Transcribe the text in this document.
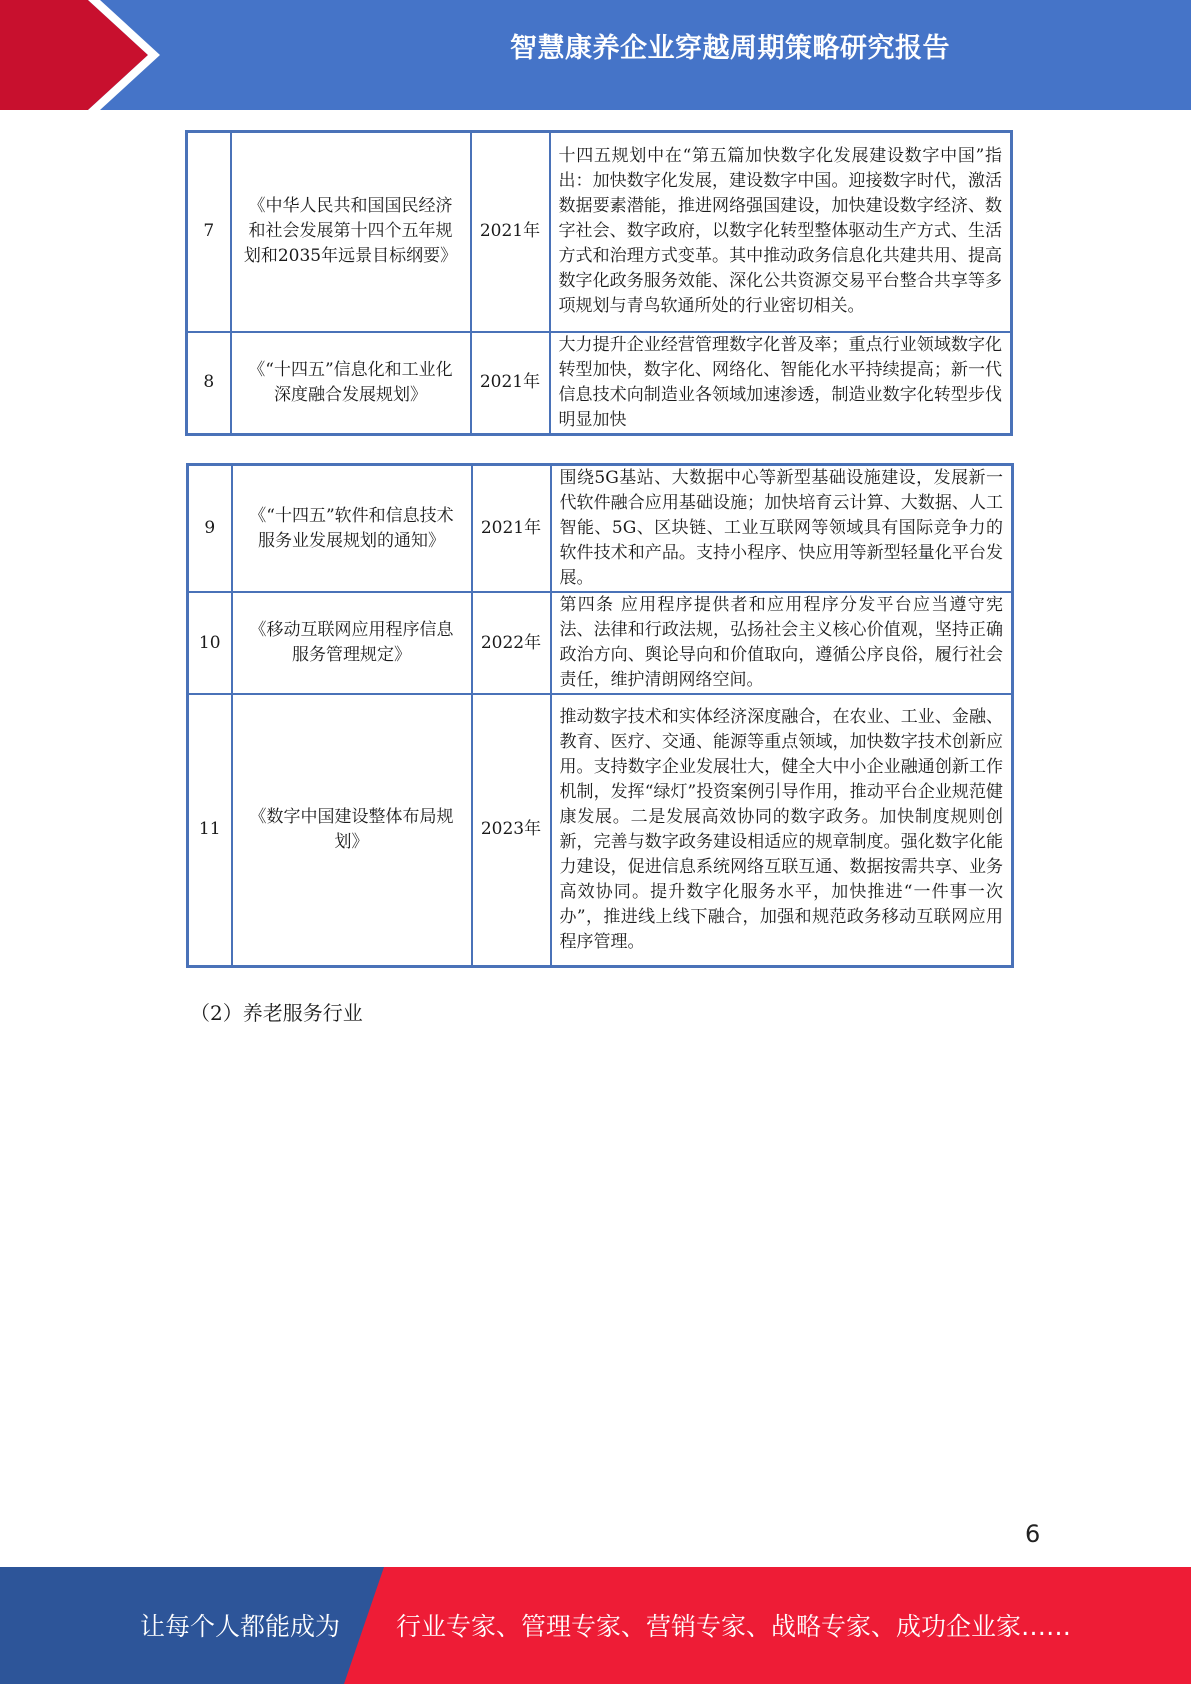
智慧康养企业穿越周期策略研究报告
7	《中华人民共和国国民经济和社会发展第十四个五年规划和2035年远景目标纲要》	2021年	十四五规划中在“第五篇加快数字化发展建设数字中国”指出：加快数字化发展，建设数字中国。迎接数字时代，激活数据要素潜能，推进网络强国建设，加快建设数字经济、数字社会、数字政府，以数字化转型整体驱动生产方式、生活方式和治理方式变革。其中推动政务信息化共建共用、提高数字化政务服务效能、深化公共资源交易平台整合共享等多项规划与青鸟软通所处的行业密切相关。
8	《“十四五”信息化和工业化深度融合发展规划》	2021年	大力提升企业经营管理数字化普及率；重点行业领域数字化转型加快，数字化、网络化、智能化水平持续提高；新一代信息技术向制造业各领域加速渗透，制造业数字化转型步伐明显加快
9	《“十四五”软件和信息技术服务业发展规划的通知》	2021年	围绕5G基站、大数据中心等新型基础设施建设，发展新一代软件融合应用基础设施；加快培育云计算、大数据、人工智能、5G、区块链、工业互联网等领域具有国际竞争力的软件技术和产品。支持小程序、快应用等新型轻量化平台发展。
10	《移动互联网应用程序信息服务管理规定》	2022年	第四条 应用程序提供者和应用程序分发平台应当遵守宪法、法律和行政法规，弘扬社会主义核心价值观，坚持正确政治方向、舆论导向和价值取向，遵循公序良俗，履行社会责任，维护清朗网络空间。
11	《数字中国建设整体布局规划》	2023年	推动数字技术和实体经济深度融合，在农业、工业、金融、教育、医疗、交通、能源等重点领域，加快数字技术创新应用。支持数字企业发展壮大，健全大中小企业融通创新工作机制，发挥“绿灯”投资案例引导作用，推动平台企业规范健康发展。二是发展高效协同的数字政务。加快制度规则创新，完善与数字政务建设相适应的规章制度。强化数字化能力建设，促进信息系统网络互联互通、数据按需共享、业务高效协同。提升数字化服务水平，加快推进“一件事一次办”，推进线上线下融合，加强和规范政务移动互联网应用程序管理。
（2）养老服务行业
6
让每个人都能成为 行业专家、管理专家、营销专家、战略专家、成功企业家……
